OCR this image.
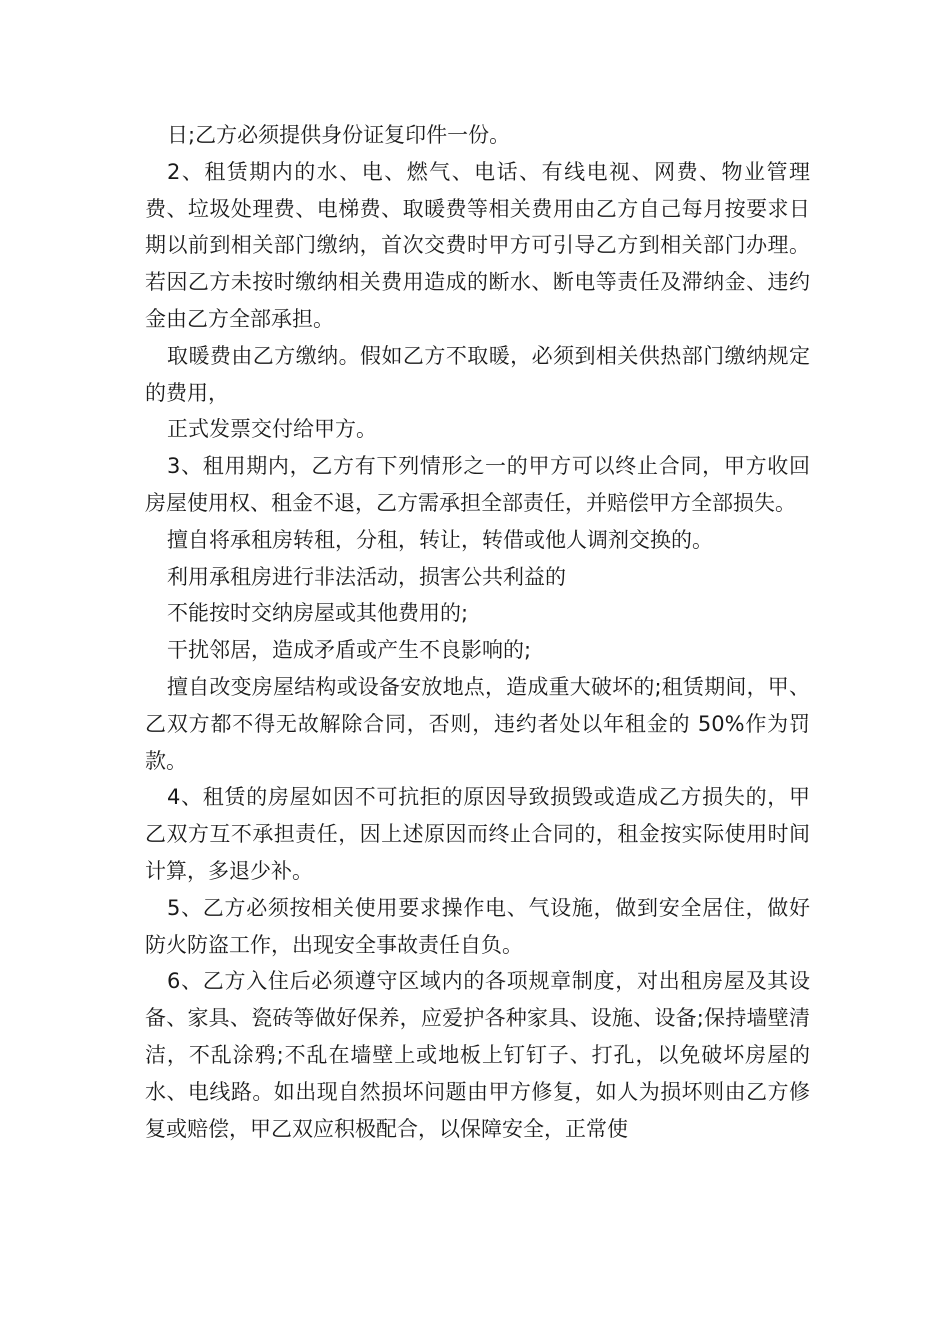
日;乙方必须提供身份证复印件一份。

2、租赁期内的水、电、燃气、电话、有线电视、网费、物业管理费、垃圾处理费、电梯费、取暖费等相关费用由乙方自己每月按要求日期以前到相关部门缴纳，首次交费时甲方可引导乙方到相关部门办理。若因乙方未按时缴纳相关费用造成的断水、断电等责任及滞纳金、违约金由乙方全部承担。

取暖费由乙方缴纳。假如乙方不取暖，必须到相关供热部门缴纳规定的费用，

正式发票交付给甲方。

3、租用期内，乙方有下列情形之一的甲方可以终止合同，甲方收回房屋使用权、租金不退，乙方需承担全部责任，并赔偿甲方全部损失。

擅自将承租房转租，分租，转让，转借或他人调剂交换的。

利用承租房进行非法活动，损害公共利益的

不能按时交纳房屋或其他费用的;

干扰邻居，造成矛盾或产生不良影响的;

擅自改变房屋结构或设备安放地点，造成重大破坏的;租赁期间，甲、乙双方都不得无故解除合同，否则，违约者处以年租金的 50%作为罚款。

4、租赁的房屋如因不可抗拒的原因导致损毁或造成乙方损失的，甲乙双方互不承担责任，因上述原因而终止合同的，租金按实际使用时间计算，多退少补。

5、乙方必须按相关使用要求操作电、气设施，做到安全居住，做好防火防盗工作，出现安全事故责任自负。

6、乙方入住后必须遵守区域内的各项规章制度，对出租房屋及其设备、家具、瓷砖等做好保养，应爱护各种家具、设施、设备;保持墙壁清洁，不乱涂鸦;不乱在墙壁上或地板上钉钉子、打孔，以免破坏房屋的水、电线路。如出现自然损坏问题由甲方修复，如人为损坏则由乙方修复或赔偿，甲乙双应积极配合，以保障安全，正常使
